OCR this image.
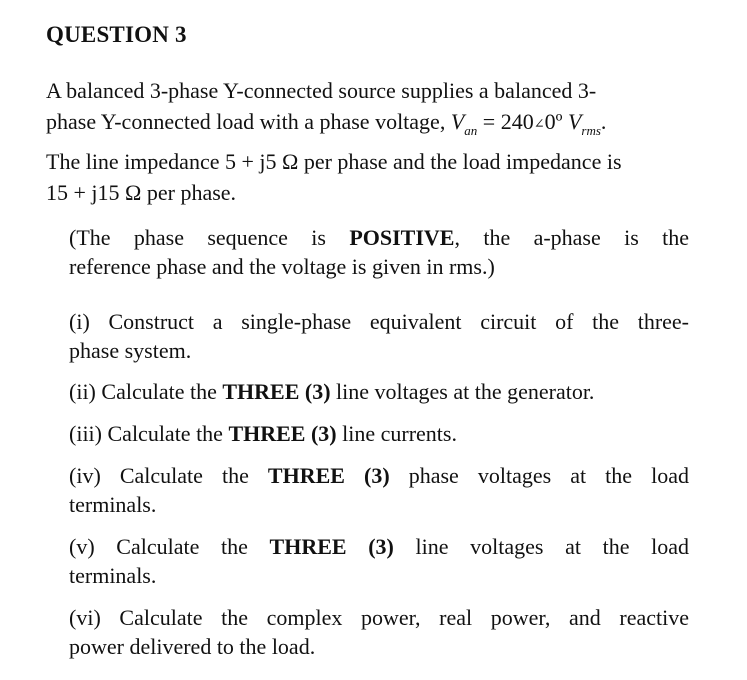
QUESTION 3
A balanced 3-phase Y-connected source supplies a balanced 3-
phase Y-connected load with a phase voltage, $V_{an}$ = 240∠0º $V_{rms}$.
The line impedance 5 + j5 Ω per phase and the load impedance is
15 + j15 Ω per phase.
(The phase sequence is POSITIVE, the a-phase is the
reference phase and the voltage is given in rms.)
(i) Construct a single-phase equivalent circuit of the three-
phase system.
(ii) Calculate the THREE (3) line voltages at the generator.
(iii) Calculate the THREE (3) line currents.
(iv) Calculate the THREE (3) phase voltages at the load
terminals.
(v) Calculate the THREE (3) line voltages at the load
terminals.
(vi) Calculate the complex power, real power, and reactive
power delivered to the load.
